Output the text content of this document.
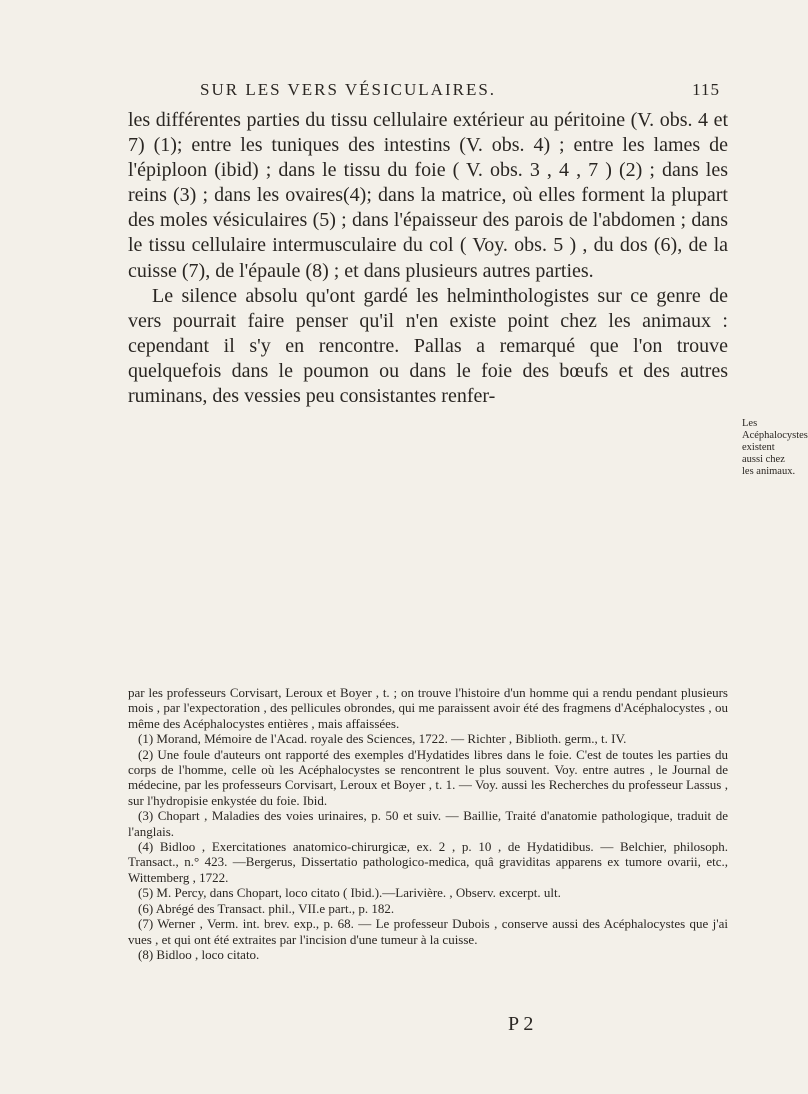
SUR LES VERS VÉSICULAIRES.	115

les différentes parties du tissu cellulaire extérieur au péritoine (V. obs. 4 et 7) (1); entre les tuniques des intestins (V. obs. 4) ; entre les lames de l'épiploon (ibid) ; dans le tissu du foie ( V. obs. 3 , 4 , 7 ) (2) ; dans les reins (3) ; dans les ovaires(4); dans la matrice, où elles forment la plupart des moles vésiculaires (5) ; dans l'épaisseur des parois de l'abdomen ; dans le tissu cellulaire intermusculaire du col ( Voy. obs. 5 ) , du dos (6), de la cuisse (7), de l'épaule (8) ; et dans plusieurs autres parties.

Le silence absolu qu'ont gardé les helminthologistes sur ce genre de vers pourrait faire penser qu'il n'en existe point chez les animaux : cependant il s'y en rencontre. Pallas a remarqué que l'on trouve quelquefois dans le poumon ou dans le foie des bœufs et des autres ruminans, des vessies peu consistantes renfer-

Les Acéphalocystes existent aussi chez les animaux.

par les professeurs Corvisart, Leroux et Boyer , t. ; on trouve l'histoire d'un homme qui a rendu pendant plusieurs mois , par l'expectoration , des pellicules obrondes, qui me paraissent avoir été des fragmens d'Acéphalocystes , ou même des Acéphalocystes entières , mais affaissées.

(1) Morand, Mémoire de l'Acad. royale des Sciences, 1722. — Richter , Biblioth. germ., t. IV.

(2) Une foule d'auteurs ont rapporté des exemples d'Hydatides libres dans le foie. C'est de toutes les parties du corps de l'homme, celle où les Acéphalocystes se rencontrent le plus souvent. Voy. entre autres , le Journal de médecine, par les professeurs Corvisart, Leroux et Boyer , t. 1. — Voy. aussi les Recherches du professeur Lassus , sur l'hydropisie enkystée du foie. Ibid.

(3) Chopart , Maladies des voies urinaires, p. 50 et suiv. — Baillie, Traité d'anatomie pathologique, traduit de l'anglais.

(4) Bidloo , Exercitationes anatomico-chirurgicæ, ex. 2 , p. 10 , de Hydatidibus. — Belchier, philosoph. Transact., n.° 423. —Bergerus, Dissertatio pathologico-medica, quâ graviditas apparens ex tumore ovarii, etc., Wittemberg , 1722.

(5) M. Percy, dans Chopart, loco citato ( Ibid.).—Larivière. , Observ. excerpt. ult.

(6) Abrégé des Transact. phil., VII.e part., p. 182.

(7) Werner , Verm. int. brev. exp., p. 68. — Le professeur Dubois , conserve aussi des Acéphalocystes que j'ai vues , et qui ont été extraites par l'incision d'une tumeur à la cuisse.

(8) Bidloo , loco citato.

P 2
